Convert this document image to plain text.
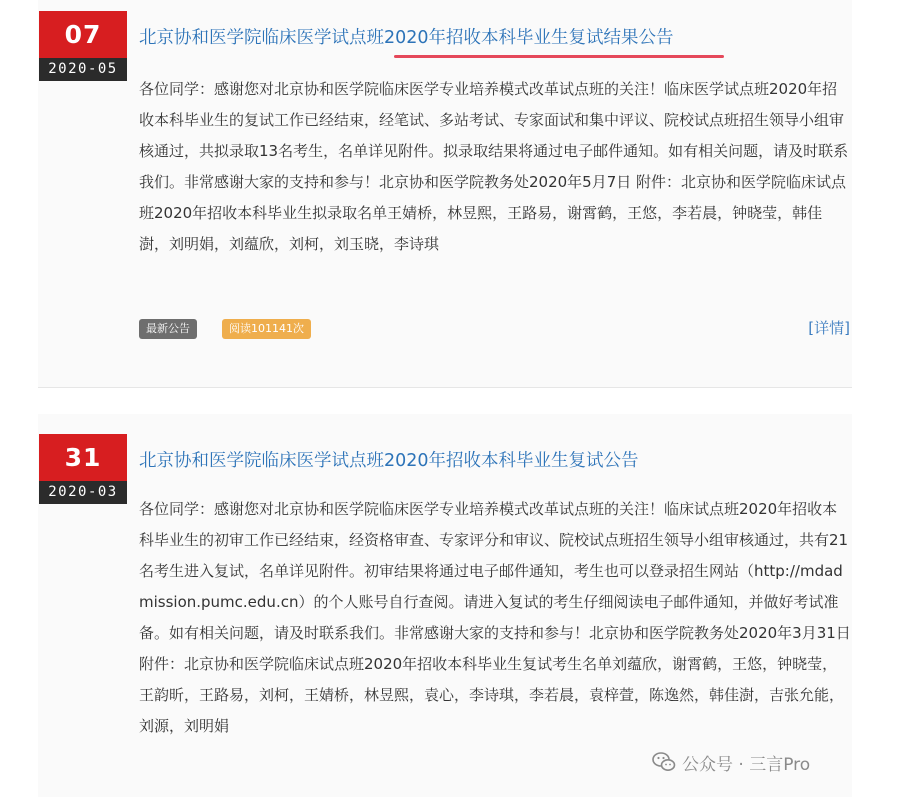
07
2020-05
北京协和医学院临床医学试点班2020年招收本科毕业生复试结果公告
各位同学：感谢您对北京协和医学院临床医学专业培养模式改革试点班的关注！临床医学试点班2020年招收本科毕业生的复试工作已经结束，经笔试、多站考试、专家面试和集中评议、院校试点班招生领导小组审核通过，共拟录取13名考生，名单详见附件。拟录取结果将通过电子邮件通知。如有相关问题，请及时联系我们。非常感谢大家的支持和参与！北京协和医学院教务处2020年5月7日 附件：北京协和医学院临床试点班2020年招收本科毕业生拟录取名单王婧桥，林昱熙，王路易，谢霄鹤，王悠，李若晨，钟晓莹，韩佳澍，刘明娟，刘蕴欣，刘柯，刘玉晓，李诗琪
最新公告	阅读101141次	[详情]
31
2020-03
北京协和医学院临床医学试点班2020年招收本科毕业生复试公告
各位同学：感谢您对北京协和医学院临床医学专业培养模式改革试点班的关注！临床试点班2020年招收本科毕业生的初审工作已经结束，经资格审查、专家评分和审议、院校试点班招生领导小组审核通过，共有21名考生进入复试，名单详见附件。初审结果将通过电子邮件通知，考生也可以登录招生网站（http://mdadmission.pumc.edu.cn）的个人账号自行查阅。请进入复试的考生仔细阅读电子邮件通知，并做好考试准备。如有相关问题，请及时联系我们。非常感谢大家的支持和参与！北京协和医学院教务处2020年3月31日 附件：北京协和医学院临床试点班2020年招收本科毕业生复试考生名单刘蕴欣，谢霄鹤，王悠，钟晓莹，王韵昕，王路易，刘柯，王婧桥，林昱熙，袁心，李诗琪，李若晨，袁梓萱，陈逸然，韩佳澍，吉张允能，刘源，刘明娟
公众号 · 三言Pro
